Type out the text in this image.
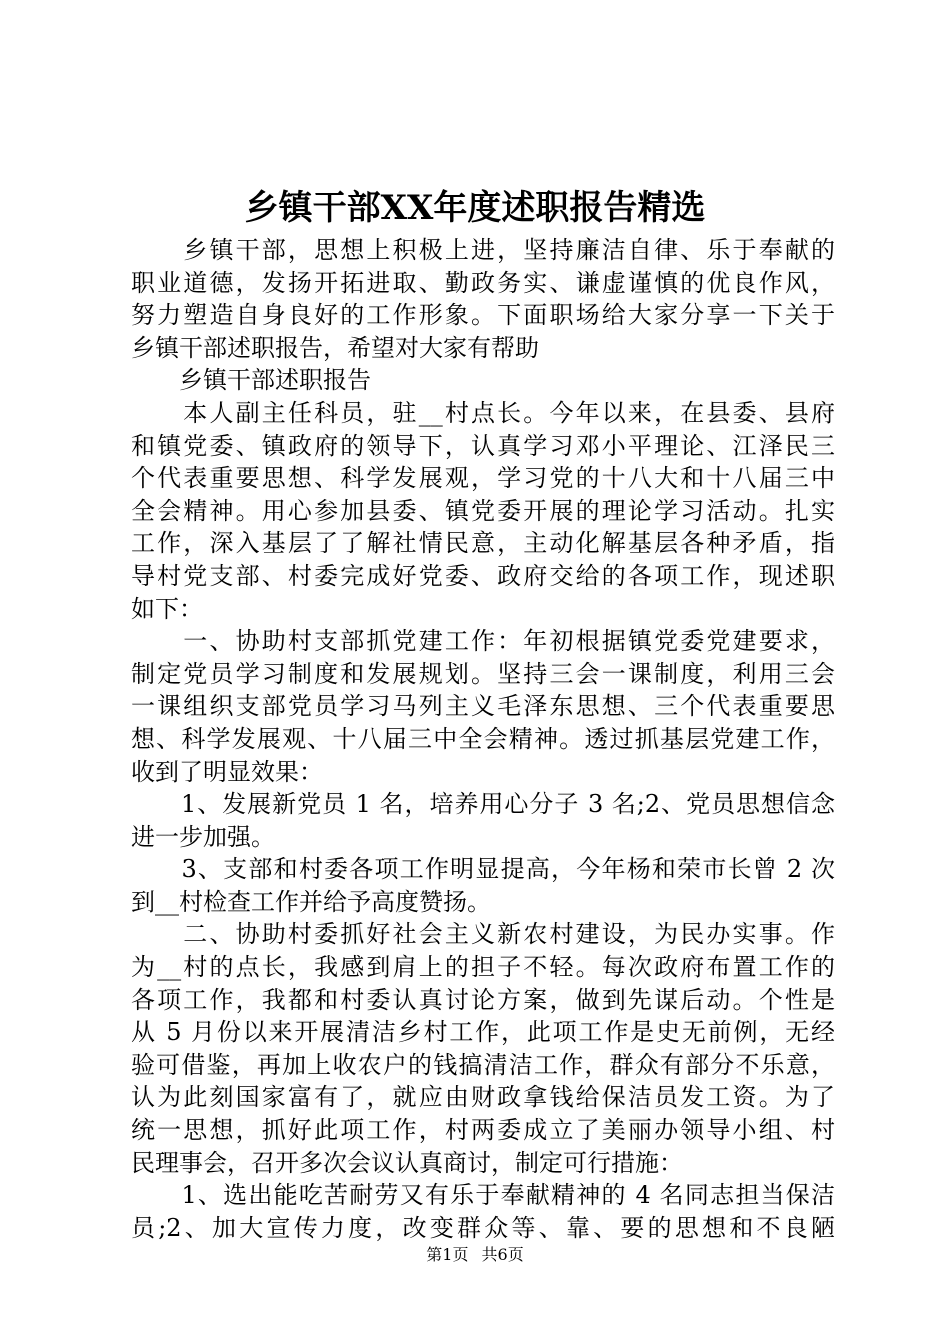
乡镇干部XX年度述职报告精选
　　乡镇干部，思想上积极上进，坚持廉洁自律、乐于奉献的
职业道德，发扬开拓进取、勤政务实、谦虚谨慎的优良作风，
努力塑造自身良好的工作形象。下面职场给大家分享一下关于
乡镇干部述职报告，希望对大家有帮助
　　乡镇干部述职报告
　　本人副主任科员，驻__村点长。今年以来，在县委、县府
和镇党委、镇政府的领导下，认真学习邓小平理论、江泽民三
个代表重要思想、科学发展观，学习党的十八大和十八届三中
全会精神。用心参加县委、镇党委开展的理论学习活动。扎实
工作，深入基层了了解社情民意，主动化解基层各种矛盾，指
导村党支部、村委完成好党委、政府交给的各项工作，现述职
如下：
　　一、协助村支部抓党建工作：年初根据镇党委党建要求，
制定党员学习制度和发展规划。坚持三会一课制度，利用三会
一课组织支部党员学习马列主义毛泽东思想、三个代表重要思
想、科学发展观、十八届三中全会精神。透过抓基层党建工作，
收到了明显效果：
　　1、发展新党员 1 名，培养用心分子 3 名;2、党员思想信念
进一步加强。
　　3、支部和村委各项工作明显提高，今年杨和荣市长曾 2 次
到__村检查工作并给予高度赞扬。
　　二、协助村委抓好社会主义新农村建设，为民办实事。作
为__村的点长，我感到肩上的担子不轻。每次政府布置工作的
各项工作，我都和村委认真讨论方案，做到先谋后动。个性是
从 5 月份以来开展清洁乡村工作，此项工作是史无前例，无经
验可借鉴，再加上收农户的钱搞清洁工作，群众有部分不乐意，
认为此刻国家富有了，就应由财政拿钱给保洁员发工资。为了
统一思想，抓好此项工作，村两委成立了美丽办领导小组、村
民理事会，召开多次会议认真商讨，制定可行措施：
　　1、选出能吃苦耐劳又有乐于奉献精神的 4 名同志担当保洁
员;2、加大宣传力度，改变群众等、靠、要的思想和不良陋
第1页 共6页
